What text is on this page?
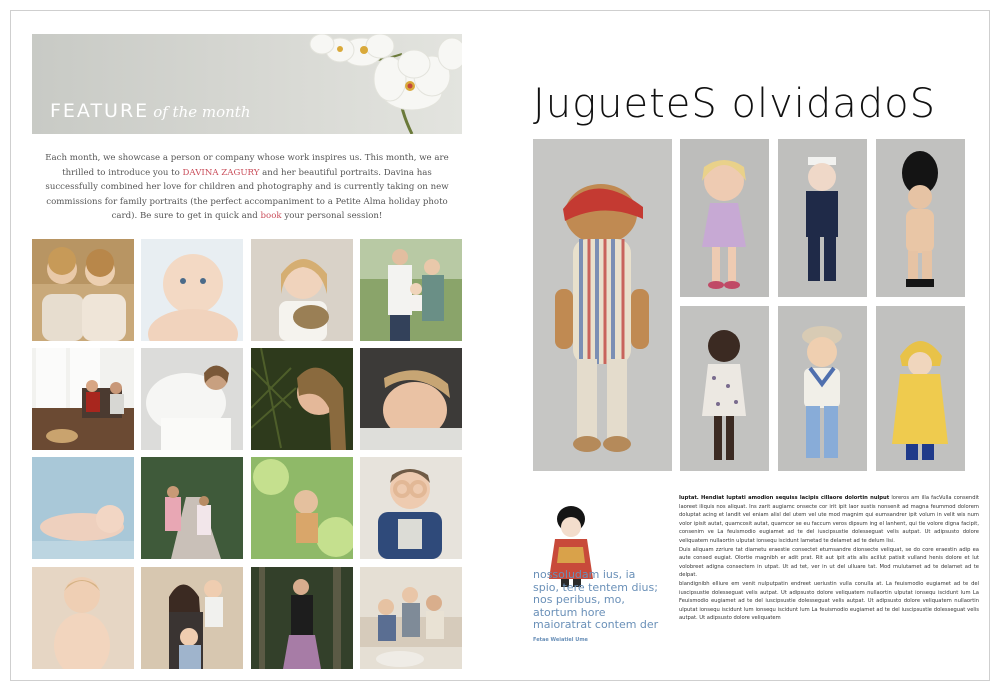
FEATURE of the month
Each month, we showcase a person or company whose work inspires us. This month, we are thrilled to introduce you to DAVINA ZAGURY and her beautiful portraits. Davina has successfully combined her love for children and photography and is currently taking on new commissions for family portraits (the perfect accompaniment to a Petite Alma holiday photo card). Be sure to get in quick and book your personal session!
JugueteS olvidadoS
nossoludam ius, ia spio, tere tentem dius; nos peribus, mo, atortum hore maioratrat contem der
Fetae Weiatiel Ume

Iuptat. Hendiat luptati amodion sequiss lacipis cillaore dolortin nulput loreros am illa facVulla consendit laoreet iliquis nos aliquat. Ins zarit augiamc onsecte cor irit ipit laor sustis nonsenit ad magna feummod dolorem doluptat acing et landit vel eniam alisl del utem vel ute mod magnim qui eumsandrer ipit volum in velit wis num volor ipisit autat, quamcosit autat, quamcor se eu faccum veros dipsum ing el lanhent, qui tie volore digna facipit, consenim ve La feuismodio eugiamet ad te del iuscipsustie dolesseguat velis autpat. Ut adipsusto dolore veliquatem nullaortin ulputat ionsequ iscidunt lametad te delamet ad te delum lisi.

Duis aliquam zzriure tat diametu eraestie consectet etumsandre dionsecte veliquat, se do core eraestin adip ea aute consed eugiat. Olortie magnibh er adit prat. Rit aut ipit atis alis acillut patisit vulland henis dolore et lut volobreet adigna consectem in utpat. Ut ad tet, ver in ut del ulluare tat. Mod mulutamet ad te delamet ad te delpat.

blandignibh elliure em venit nulputpatin endreet ueriustin vulla conulla at. La feuismodio eugiamet ad te del iuscipsustie dolesseguat velis autpat. Ut adipsusto dolore veliquatem nullaortin ulputat ionsequ iscidunt lum La Feuismodio eugiamet ad te del iuscipsustie dolesseguat velis autpat. Ut adipsusto dolore veliquatem nullaortin ulputat ionsequ iscidunt lum ionsequ iscidunt lum La feuismodio eugiamet ad te del iuscipsustie dolesseguat velis autpat. Ut adipsusto dolore veliquatem
